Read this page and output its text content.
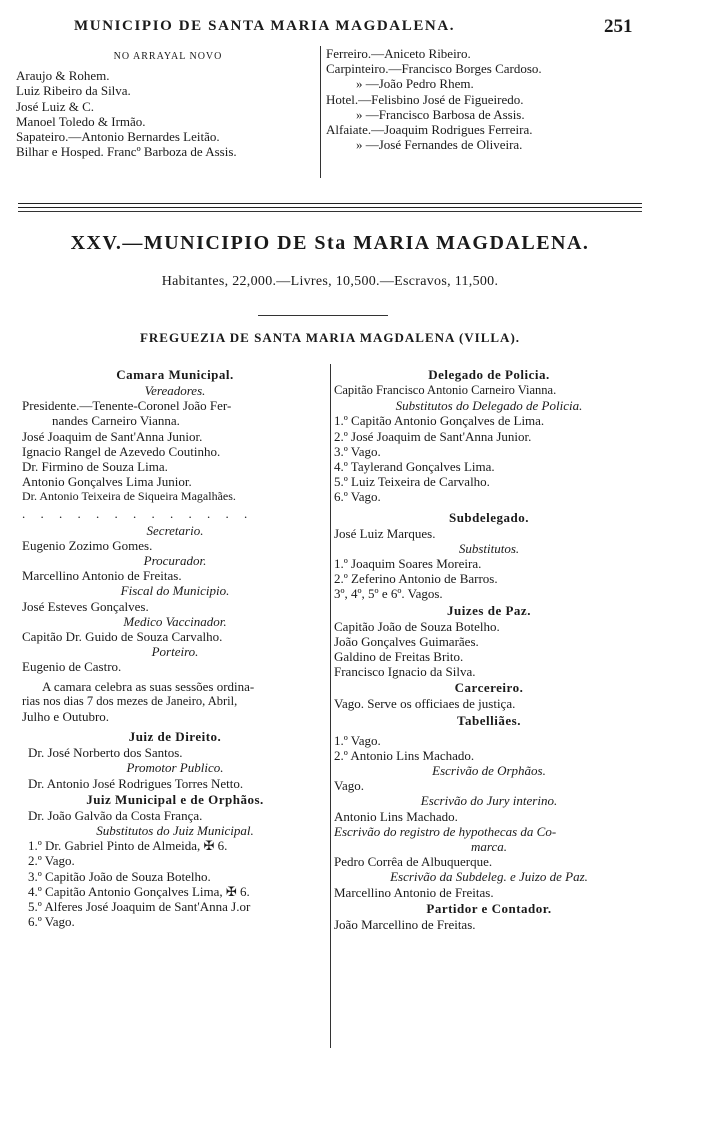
MUNICIPIO DE SANTA MARIA MAGDALENA.	251
NO ARRAYAL NOVO
Araujo & Rohem.
Luiz Ribeiro da Silva.
José Luiz & C.
Manoel Toledo & Irmão.
Sapateiro.—Antonio Bernardes Leitão.
Bilhar e Hosped. Francº Barboza de Assis.
Ferreiro.—Aniceto Ribeiro.
Carpinteiro.—Francisco Borges Cardoso.
» —João Pedro Rhem.
Hotel.—Felisbino José de Figueiredo.
» —Francisco Barbosa de Assis.
Alfaiate.—Joaquim Rodrigues Ferreira.
» —José Fernandes de Oliveira.
XXV.—MUNICIPIO DE Sta MARIA MAGDALENA.
Habitantes, 22,000.—Livres, 10,500.—Escravos, 11,500.
FREGUEZIA DE SANTA MARIA MAGDALENA (VILLA).
Camara Municipal.
Vereadores.
Presidente.—Tenente-Coronel João Fer-
nandes Carneiro Vianna.
José Joaquim de Sant'Anna Junior.
Ignacio Rangel de Azevedo Coutinho.
Dr. Firmino de Souza Lima.
Antonio Gonçalves Lima Junior.
Dr. Antonio Teixeira de Siqueira Magalhães.
. . . . . . . . . . . . .
Secretario.
Eugenio Zozimo Gomes.
Procurador.
Marcellino Antonio de Freitas.
Fiscal do Municipio.
José Esteves Gonçalves.
Medico Vaccinador.
Capitão Dr. Guido de Souza Carvalho.
Porteiro.
Eugenio de Castro.
A camara celebra as suas sessões ordina-
rias nos dias 7 dos mezes de Janeiro, Abril,
Julho e Outubro.
Juiz de Direito.
Dr. José Norberto dos Santos.
Promotor Publico.
Dr. Antonio José Rodrigues Torres Netto.
Juiz Municipal e de Orphãos.
Dr. João Galvão da Costa França.
Substitutos do Juiz Municipal.
1.º Dr. Gabriel Pinto de Almeida, ✠ 6.
2.º Vago.
3.º Capitão João de Souza Botelho.
4.º Capitão Antonio Gonçalves Lima, ✠ 6.
5.º Alferes José Joaquim de Sant'Anna J.or
6.º Vago.
Delegado de Policia.
Capitão Francisco Antonio Carneiro Vianna.
Substitutos do Delegado de Policia.
1.º Capitão Antonio Gonçalves de Lima.
2.º José Joaquim de Sant'Anna Junior.
3.º Vago.
4.º Taylerand Gonçalves Lima.
5.º Luiz Teixeira de Carvalho.
6.º Vago.
Subdelegado.
José Luiz Marques.
Substitutos.
1.º Joaquim Soares Moreira.
2.º Zeferino Antonio de Barros.
3º, 4º, 5º e 6º. Vagos.
Juizes de Paz.
Capitão João de Souza Botelho.
João Gonçalves Guimarães.
Galdino de Freitas Brito.
Francisco Ignacio da Silva.
Carcereiro.
Vago. Serve os officiaes de justiça.
Tabelliães.
1.º Vago.
2.º Antonio Lins Machado.
Escrivão de Orphãos.
Vago.
Escrivão do Jury interino.
Antonio Lins Machado.
Escrivão do registro de hypothecas da Co-
marca.
Pedro Corrêa de Albuquerque.
Escrivão da Subdeleg. e Juizo de Paz.
Marcellino Antonio de Freitas.
Partidor e Contador.
João Marcellino de Freitas.
